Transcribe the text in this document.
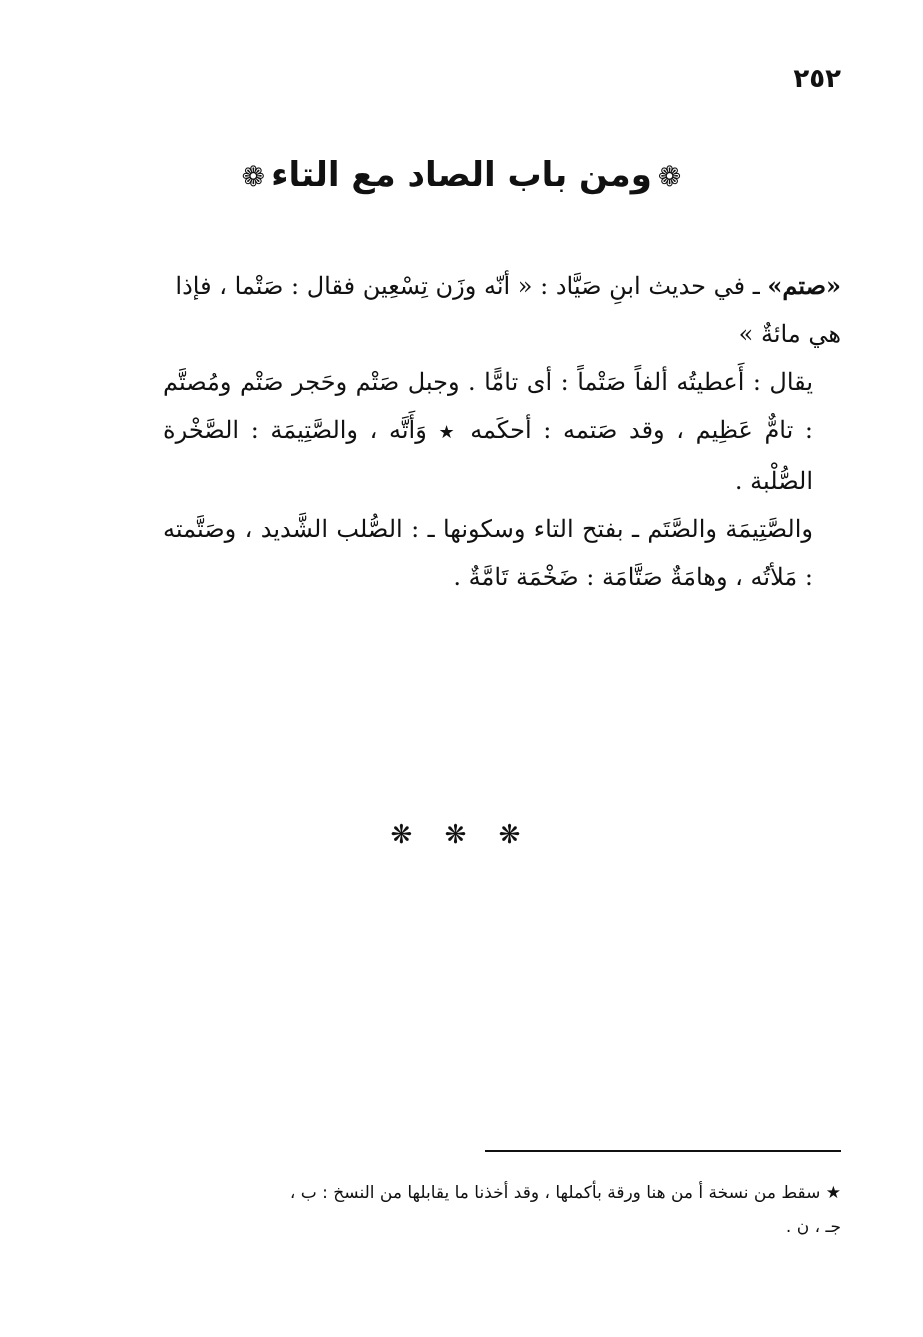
٢٥٢
❁ومن باب الصاد مع التاء❁

«صتم» ـ في حديث ابنِ صَيَّاد : « أنّه وزَن تِسْعِين فقال : صَتْما ، فإذا
هي مائةٌ »

يقال : أَعطيتُه ألفاً صَتْماً : أى تامًّا . وجبل صَتْم وحَجر صَتْم ومُصتَّم : تامٌّ عَظِيم ، وقد صَتمه : أحكَمه ★ وَأَتَّه ، والصَّتِيمَة : الصَّخْرة الصُّلْبة .

والصَّتِيمَة والصَّتَم ـ بفتح التاء وسكونها ـ : الصُّلب الشَّديد ، وصَتَّمته : مَلأتُه ، وهامَةٌ صَتَّامَة : ضَخْمَة تَامَّةٌ .

❋ ❋ ❋

★ سقط من نسخة أ من هنا ورقة بأكملها ، وقد أخذنا ما يقابلها من النسخ : ب ،

جـ ، ن .
